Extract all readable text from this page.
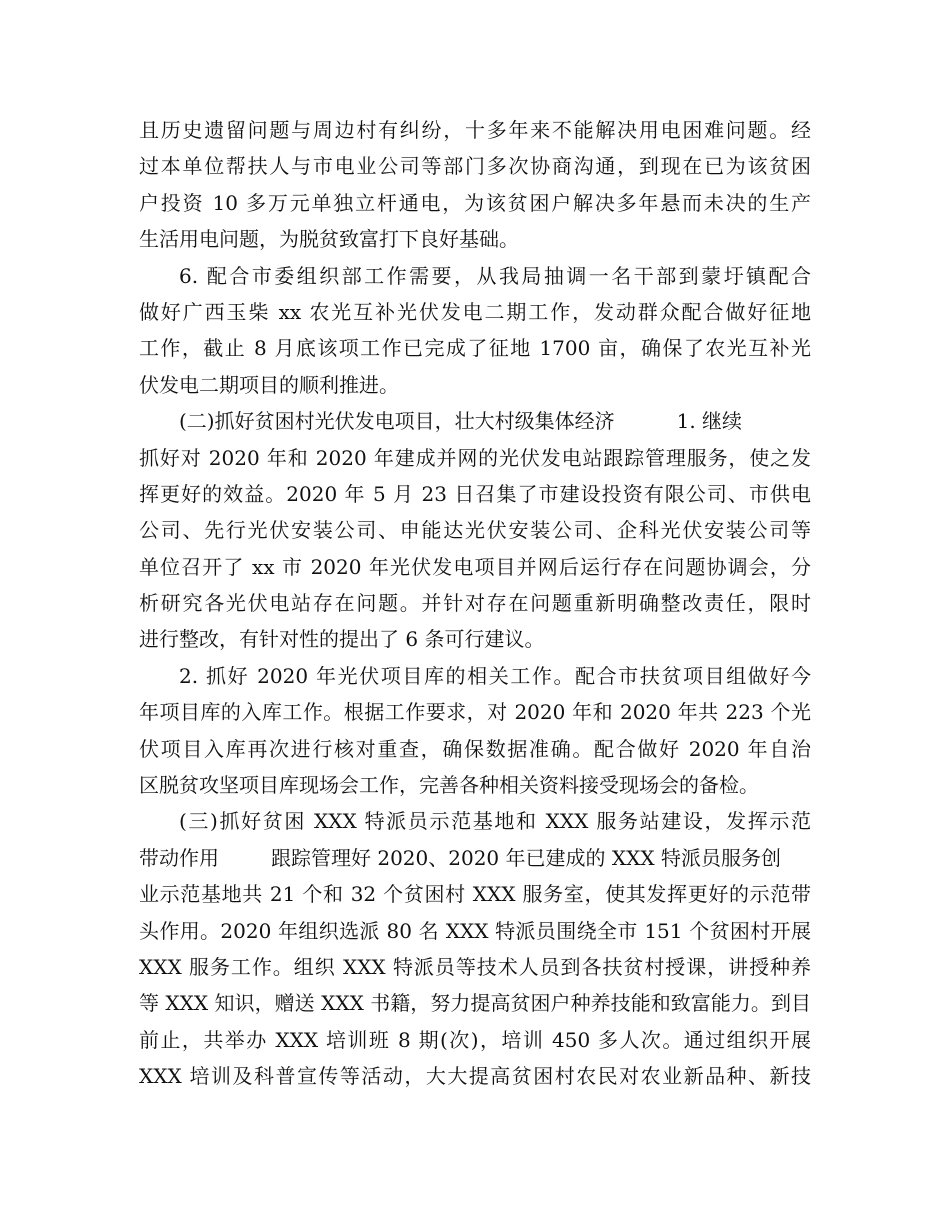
且历史遗留问题与周边村有纠纷，十多年来不能解决用电困难问题。经
过本单位帮扶人与市电业公司等部门多次协商沟通，到现在已为该贫困
户投资 10 多万元单独立杆通电，为该贫困户解决多年悬而未决的生产
生活用电问题，为脱贫致富打下良好基础。
6. 配合市委组织部工作需要，从我局抽调一名干部到蒙圩镇配合
做好广西玉柴 xx 农光互补光伏发电二期工作，发动群众配合做好征地
工作，截止 8 月底该项工作已完成了征地 1700 亩，确保了农光互补光
伏发电二期项目的顺利推进。
(二)抓好贫困村光伏发电项目，壮大村级集体经济	1. 继续
抓好对 2020 年和 2020 年建成并网的光伏发电站跟踪管理服务，使之发
挥更好的效益。2020 年 5 月 23 日召集了市建设投资有限公司、市供电
公司、先行光伏安装公司、申能达光伏安装公司、企科光伏安装公司等
单位召开了 xx 市 2020 年光伏发电项目并网后运行存在问题协调会，分
析研究各光伏电站存在问题。并针对存在问题重新明确整改责任，限时
进行整改，有针对性的提出了 6 条可行建议。
2. 抓好 2020 年光伏项目库的相关工作。配合市扶贫项目组做好今
年项目库的入库工作。根据工作要求，对 2020 年和 2020 年共 223 个光
伏项目入库再次进行核对重查，确保数据准确。配合做好 2020 年自治
区脱贫攻坚项目库现场会工作，完善各种相关资料接受现场会的备检。
(三)抓好贫困 XXX 特派员示范基地和 XXX 服务站建设，发挥示范
带动作用	跟踪管理好 2020、2020 年已建成的 XXX 特派员服务创
业示范基地共 21 个和 32 个贫困村 XXX 服务室，使其发挥更好的示范带
头作用。2020 年组织选派 80 名 XXX 特派员围绕全市 151 个贫困村开展
XXX 服务工作。组织 XXX 特派员等技术人员到各扶贫村授课，讲授种养
等 XXX 知识，赠送 XXX 书籍，努力提高贫困户种养技能和致富能力。到目
前止，共举办 XXX 培训班 8 期(次)，培训 450 多人次。通过组织开展
XXX 培训及科普宣传等活动，大大提高贫困村农民对农业新品种、新技
